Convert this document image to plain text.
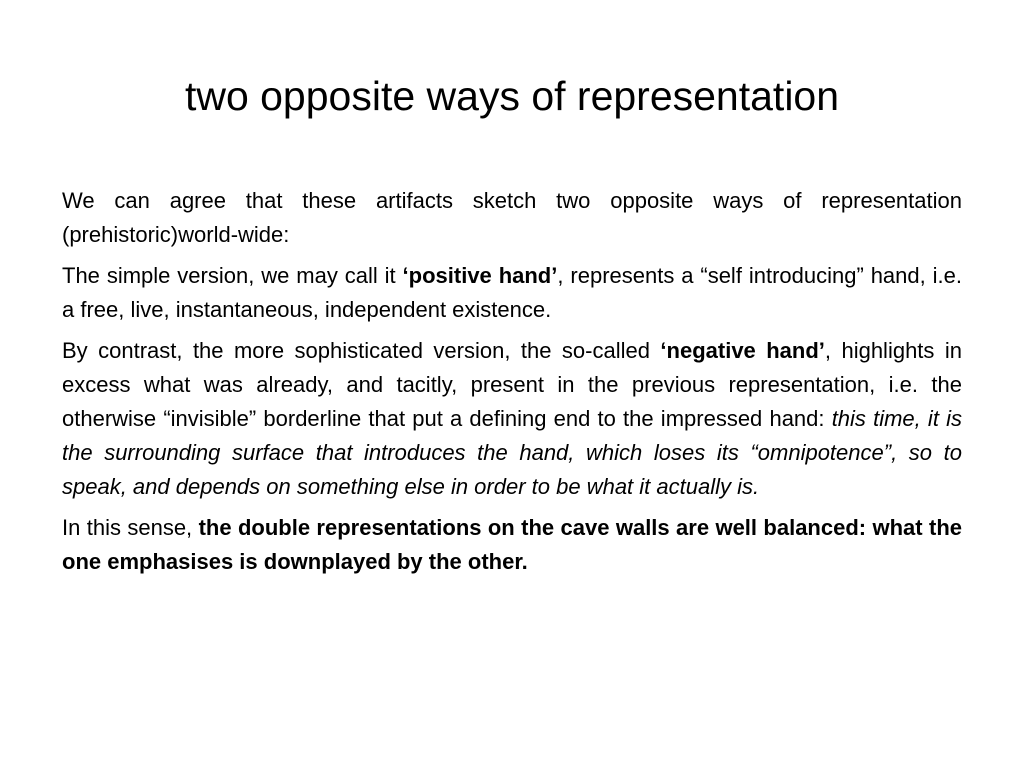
two opposite ways of representation

We can agree that these artifacts sketch two opposite ways of representation (prehistoric)world-wide:

The simple version, we may call it ‘positive hand’, represents a “self introducing” hand, i.e. a free, live, instantaneous, independent existence.

By contrast, the more sophisticated version, the so-called ‘negative hand’, highlights in excess what was already, and tacitly, present in the previous representation, i.e. the otherwise “invisible” borderline that put a defining end to the impressed hand: this time, it is the surrounding surface that introduces the hand, which loses its “omnipotence”, so to speak, and depends on something else in order to be what it actually is.

In this sense, the double representations on the cave walls are well balanced: what the one emphasises is downplayed by the other.
